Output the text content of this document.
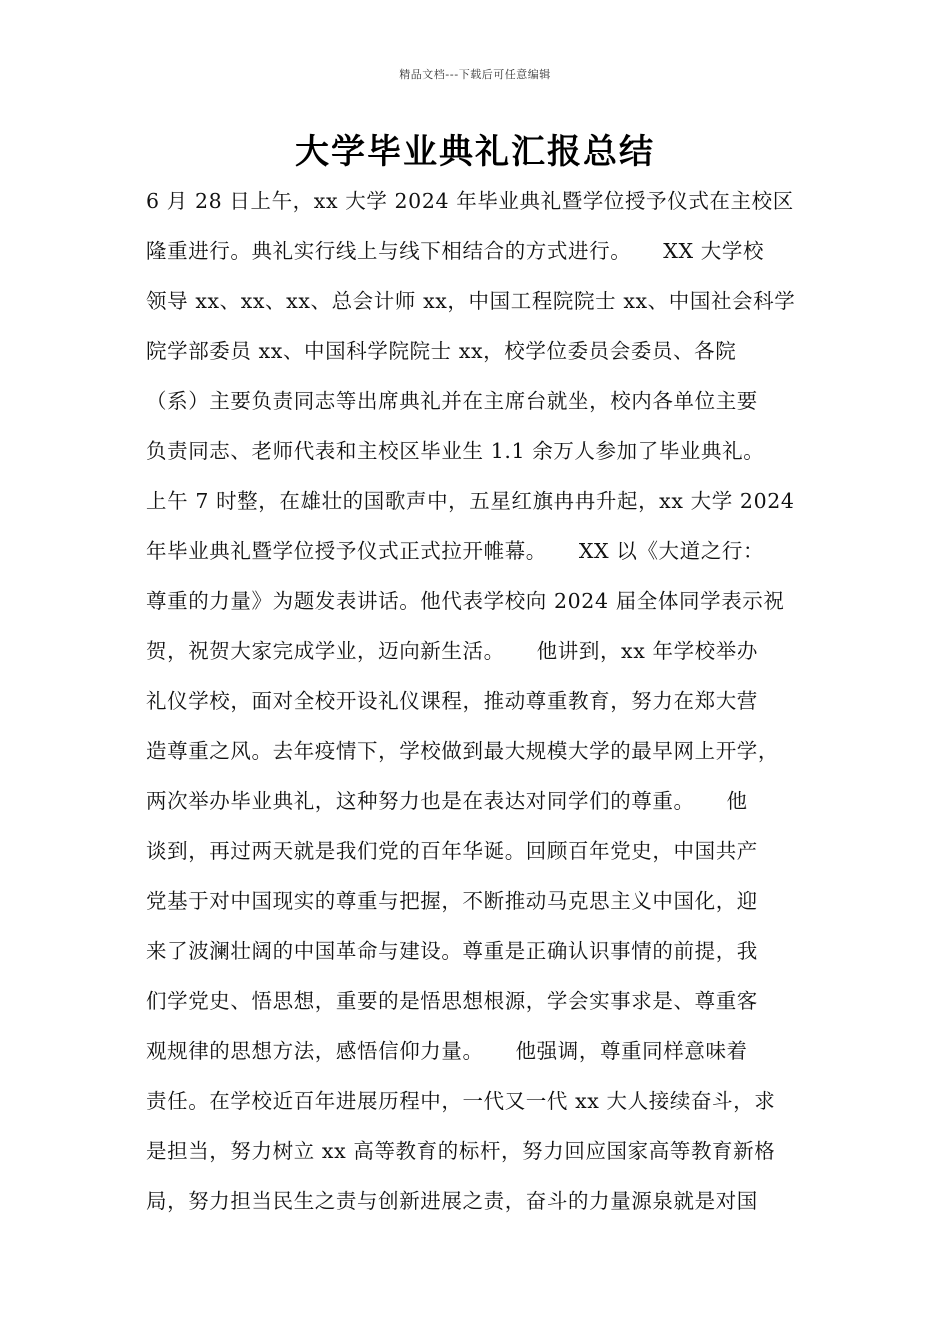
精品文档---下载后可任意编辑
大学毕业典礼汇报总结
6 月 28 日上午，xx 大学 2024 年毕业典礼暨学位授予仪式在主校区
隆重进行。典礼实行线上与线下相结合的方式进行。　　XX 大学校
领导 xx、xx、xx、总会计师 xx，中国工程院院士 xx、中国社会科学
院学部委员 xx、中国科学院院士 xx，校学位委员会委员、各院
（系）主要负责同志等出席典礼并在主席台就坐，校内各单位主要
负责同志、老师代表和主校区毕业生 1.1 余万人参加了毕业典礼。
上午 7 时整，在雄壮的国歌声中，五星红旗冉冉升起，xx 大学 2024
年毕业典礼暨学位授予仪式正式拉开帷幕。　　XX 以《大道之行：
尊重的力量》为题发表讲话。他代表学校向 2024 届全体同学表示祝
贺，祝贺大家完成学业，迈向新生活。　　他讲到，xx 年学校举办
礼仪学校，面对全校开设礼仪课程，推动尊重教育，努力在郑大营
造尊重之风。去年疫情下，学校做到最大规模大学的最早网上开学，
两次举办毕业典礼，这种努力也是在表达对同学们的尊重。　　他
谈到，再过两天就是我们党的百年华诞。回顾百年党史，中国共产
党基于对中国现实的尊重与把握，不断推动马克思主义中国化，迎
来了波澜壮阔的中国革命与建设。尊重是正确认识事情的前提，我
们学党史、悟思想，重要的是悟思想根源，学会实事求是、尊重客
观规律的思想方法，感悟信仰力量。　　他强调，尊重同样意味着
责任。在学校近百年进展历程中，一代又一代 xx 大人接续奋斗，求
是担当，努力树立 xx 高等教育的标杆，努力回应国家高等教育新格
局，努力担当民生之责与创新进展之责，奋斗的力量源泉就是对国
